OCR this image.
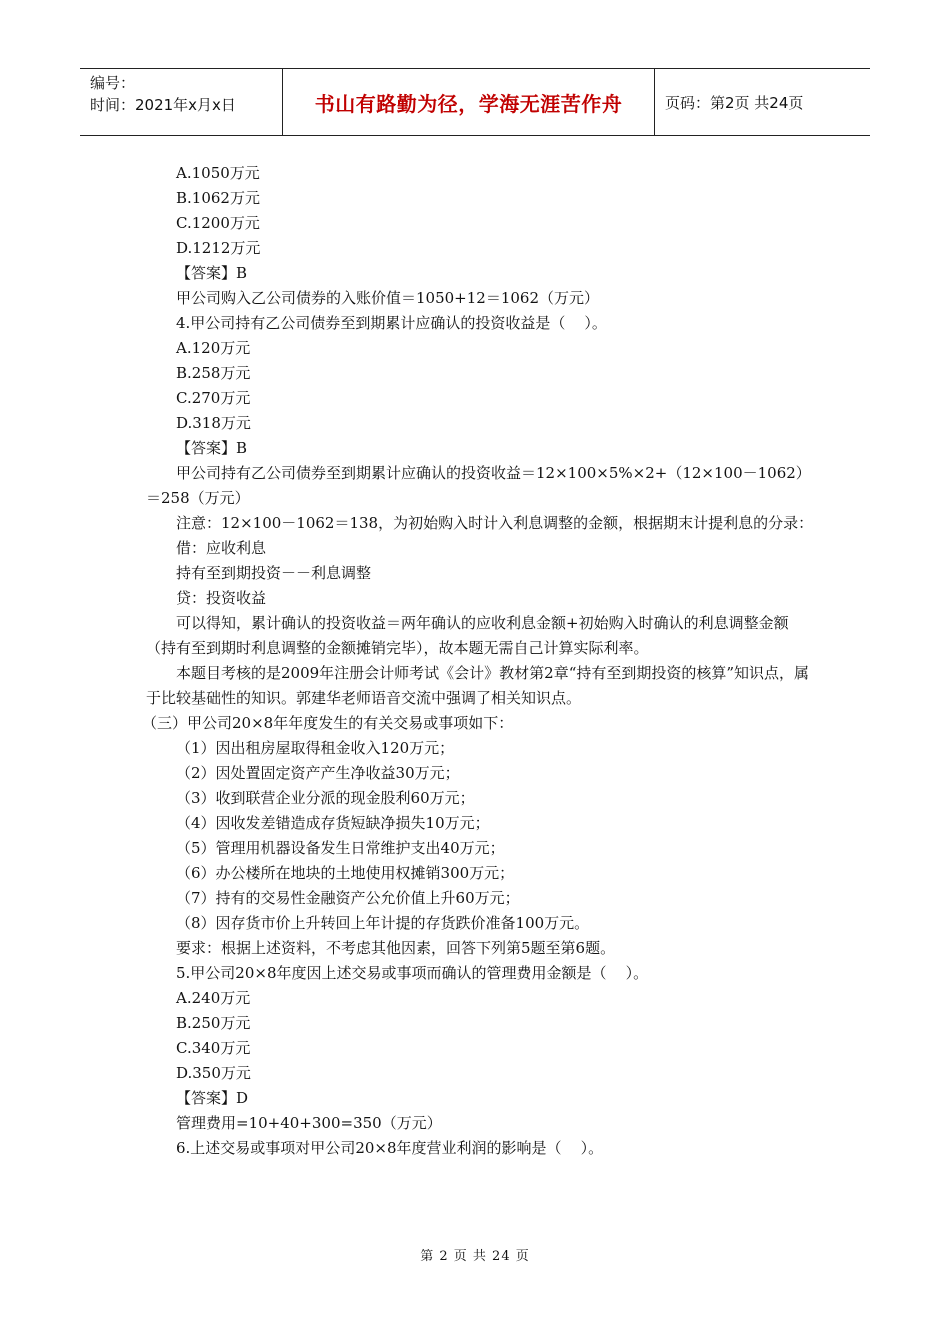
编号：
时间：2021年x月x日	书山有路勤为径，学海无涯苦作舟	页码：第2页 共24页

A.1050万元

B.1062万元

C.1200万元

D.1212万元

【答案】B

甲公司购入乙公司债券的入账价值＝1050+12＝1062（万元）

4.甲公司持有乙公司债券至到期累计应确认的投资收益是（    ）。

A.120万元

B.258万元

C.270万元

D.318万元

【答案】B

甲公司持有乙公司债券至到期累计应确认的投资收益＝12×100×5%×2+（12×100－1062）＝258（万元）

注意：12×100－1062＝138，为初始购入时计入利息调整的金额，根据期末计提利息的分录：

借：应收利息

持有至到期投资－－利息调整

贷：投资收益

可以得知，累计确认的投资收益＝两年确认的应收利息金额+初始购入时确认的利息调整金额（持有至到期时利息调整的金额摊销完毕），故本题无需自己计算实际利率。

本题目考核的是2009年注册会计师考试《会计》教材第2章“持有至到期投资的核算”知识点，属于比较基础性的知识。郭建华老师语音交流中强调了相关知识点。

（三）甲公司20×8年年度发生的有关交易或事项如下：

（1）因出租房屋取得租金收入120万元；

（2）因处置固定资产产生净收益30万元；

（3）收到联营企业分派的现金股利60万元；

（4）因收发差错造成存货短缺净损失10万元；

（5）管理用机器设备发生日常维护支出40万元；

（6）办公楼所在地块的土地使用权摊销300万元；

（7）持有的交易性金融资产公允价值上升60万元；

（8）因存货市价上升转回上年计提的存货跌价准备100万元。

要求：根据上述资料，不考虑其他因素，回答下列第5题至第6题。

5.甲公司20×8年度因上述交易或事项而确认的管理费用金额是（    ）。

A.240万元

B.250万元

C.340万元

D.350万元

【答案】D

管理费用=10+40+300=350（万元）

6.上述交易或事项对甲公司20×8年度营业利润的影响是（    ）。

第 2 页 共 24 页
